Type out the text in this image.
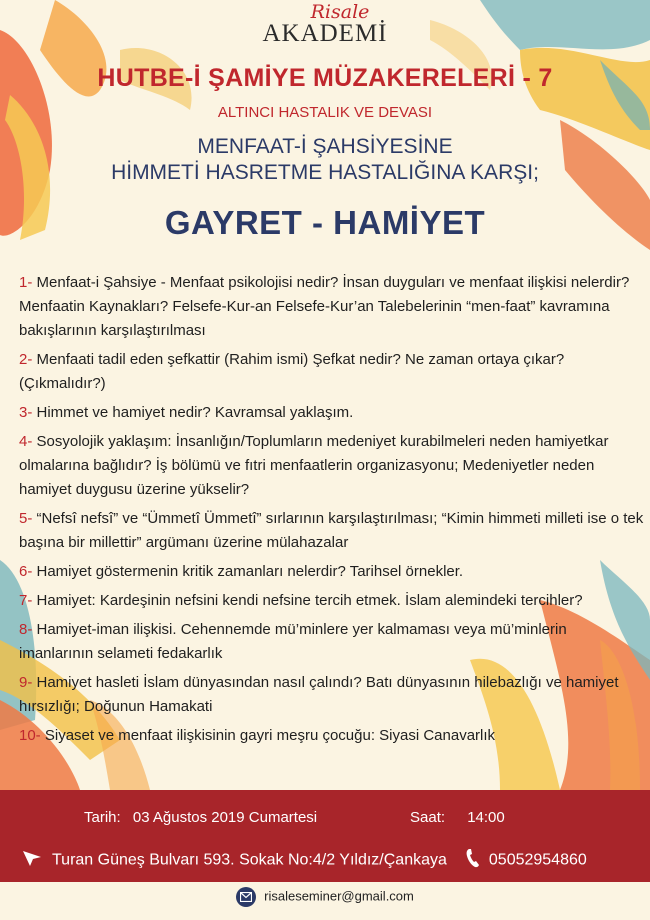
Risale
AKADEMİ
HUTBE-İ ŞAMİYE MÜZAKERELERİ - 7
ALTINCI HASTALIK VE DEVASI
MENFAAT-İ ŞAHSİYESİNE
HİMMETİ HASRETME HASTALIĞINA KARŞI;
GAYRET - HAMİYET
1- Menfaat-i Şahsiye - Menfaat psikolojisi nedir? İnsan duyguları ve menfaat ilişkisi nelerdir? Menfaatin Kaynakları? Felsefe-Kur-an Felsefe-Kur’an Talebelerinin “men-faat” kavramına bakışlarının karşılaştırılması
2- Menfaati tadil eden şefkattir (Rahim ismi) Şefkat nedir? Ne zaman ortaya çıkar? (Çıkmalıdır?)
3- Himmet ve hamiyet nedir? Kavramsal yaklaşım.
4- Sosyolojik yaklaşım: İnsanlığın/Toplumların medeniyet kurabilmeleri neden hamiyetkar olmalarına bağlıdır? İş bölümü ve fıtri menfaatlerin organizasyonu; Medeniyetler neden hamiyet duygusu üzerine yükselir?
5- “Nefsî nefsî” ve “Ümmetî Ümmetî” sırlarının karşılaştırılması; “Kimin himmeti milleti ise o tek başına bir millettir” argümanı üzerine mülahazalar
6- Hamiyet göstermenin kritik zamanları nelerdir? Tarihsel örnekler.
7- Hamiyet: Kardeşinin nefsini kendi nefsine tercih etmek. İslam alemindeki tercihler?
8- Hamiyet-iman ilişkisi. Cehennemde mü’minlere yer kalmaması veya mü’minlerin imanlarının selameti fedakarlık
9- Hamiyet hasleti İslam dünyasından nasıl çalındı? Batı dünyasının hilebazlığı ve hamiyet hırsızlığı; Doğunun Hamakati
10- Siyaset ve menfaat ilişkisinin gayri meşru çocuğu: Siyasi Canavarlık
Tarih: 03 Ağustos 2019 Cumartesi	Saat: 14:00
Turan Güneş Bulvarı 593. Sokak No:4/2 Yıldız/Çankaya	05052954860
risaleseminer@gmail.com
